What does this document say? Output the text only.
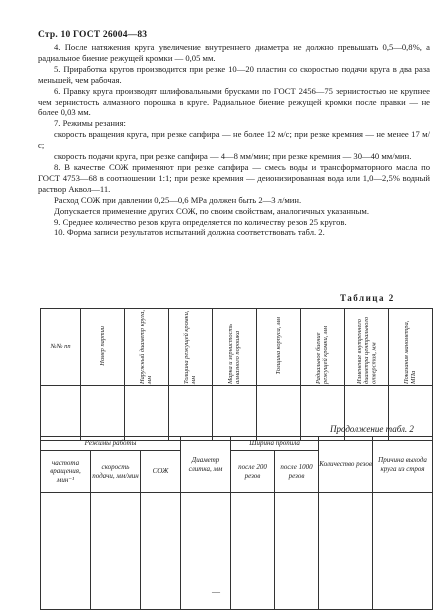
Стр. 10 ГОСТ 26004—83

4. После натяжения круга увеличение внутреннего диаметра не должно превышать 0,5—0,8%, а радиальное биение режущей кромки — 0,05 мм.

5. Приработка кругов производится при резке 10—20 пластин со скоростью подачи круга в два раза меньшей, чем рабочая.

6. Правку круга производят шлифовальными брусками по ГОСТ 2456—75 зернистостью не крупнее чем зернистость алмазного порошка в круге. Радиальное биение режущей кромки после правки — не более 0,03 мм.

7. Режимы резания:

скорость вращения круга, при резке сапфира — не более 12 м/с; при резке кремния — не менее 17 м/с;

скорость подачи круга, при резке сапфира — 4—8 мм/мин; при резке кремния — 30—40 мм/мин.

8. В качестве СОЖ применяют при резке сапфира — смесь воды и трансформаторного масла по ГОСТ 4753—68 в соотношении 1:1; при резке кремния — деионизированная вода или 1,0—2,5% водный раствор Аквол—11.

Расход СОЖ при давлении 0,25—0,6 МРа должен быть 2—3 л/мин.

Допускается применение других СОЖ, по своим свойствам, аналогичных указанным.

9. Среднее количество резов круга определяется по количеству резов 25 кругов.

10. Форма записи результатов испытаний должна соответствовать табл. 2.

Таблица 2
№№ пп	Номер партии	Наружный диаметр круга, мм	Толщина режущей кромки, мм	Марка и зернистость алмазного порошка	Толщина корпуса, мм	Радиальное биение режущей кромки, мм	Изменение внутреннего диаметра центрального отверстия, мм	Показания манометра, МПа

Продолжение табл. 2
Режимы работы			Диаметр слитка, мм	Ширина пропила		Количество резов	Причина выхода круга из строя
частота вращения, мин⁻¹	скорость подачи, мм/мин	СОЖ		после 200 резов	после 1000 резов		

—
